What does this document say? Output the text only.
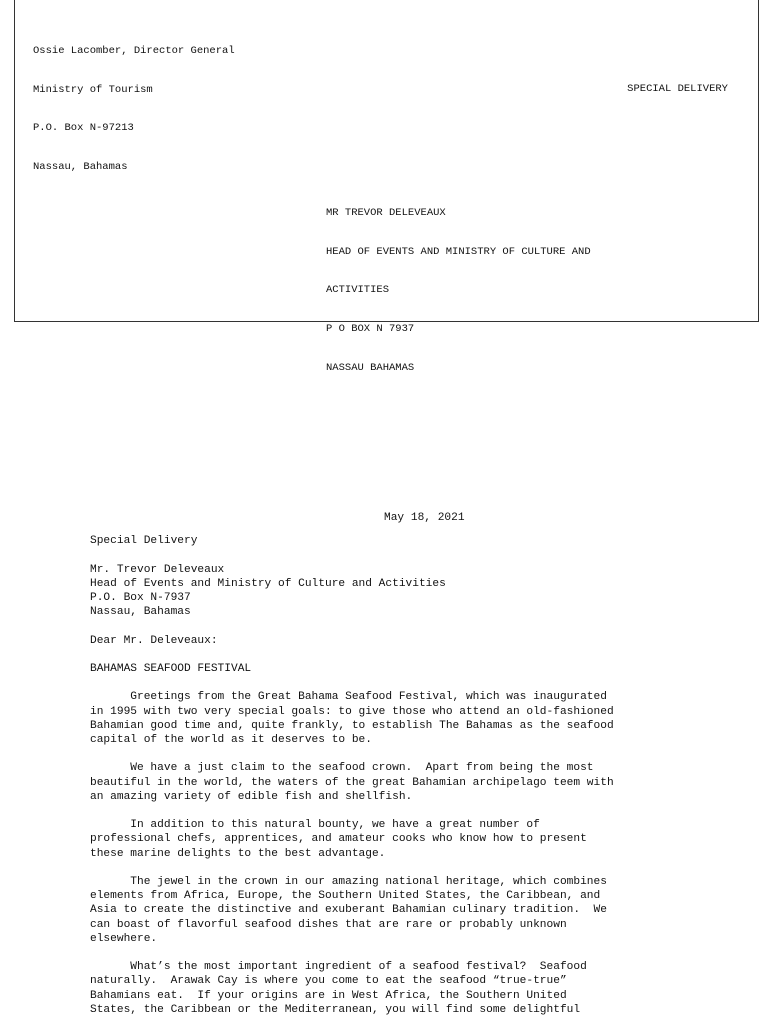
Ossie Lacomber, Director General

Ministry of Tourism

P.O. Box N-97213

Nassau, Bahamas

SPECIAL DELIVERY

MR TREVOR DELEVEAUX

HEAD OF EVENTS AND MINISTRY OF CULTURE AND

ACTIVITIES

P O BOX N 7937

NASSAU BAHAMAS

May 18, 2021
Special Delivery
Mr. Trevor Deleveaux
Head of Events and Ministry of Culture and Activities
P.O. Box N-7937
Nassau, Bahamas
Dear Mr. Deleveaux:
BAHAMAS SEAFOOD FESTIVAL
Greetings from the Great Bahama Seafood Festival, which was inaugurated
in 1995 with two very special goals: to give those who attend an old-fashioned
Bahamian good time and, quite frankly, to establish The Bahamas as the seafood
capital of the world as it deserves to be.
We have a just claim to the seafood crown.  Apart from being the most
beautiful in the world, the waters of the great Bahamian archipelago teem with
an amazing variety of edible fish and shellfish.
In addition to this natural bounty, we have a great number of
professional chefs, apprentices, and amateur cooks who know how to present
these marine delights to the best advantage.
The jewel in the crown in our amazing national heritage, which combines
elements from Africa, Europe, the Southern United States, the Caribbean, and
Asia to create the distinctive and exuberant Bahamian culinary tradition.  We
can boast of flavorful seafood dishes that are rare or probably unknown
elsewhere.
What’s the most important ingredient of a seafood festival?  Seafood
naturally.  Arawak Cay is where you come to eat the seafood “true-true”
Bahamians eat.  If your origins are in West Africa, the Southern United
States, the Caribbean or the Mediterranean, you will find some delightful
